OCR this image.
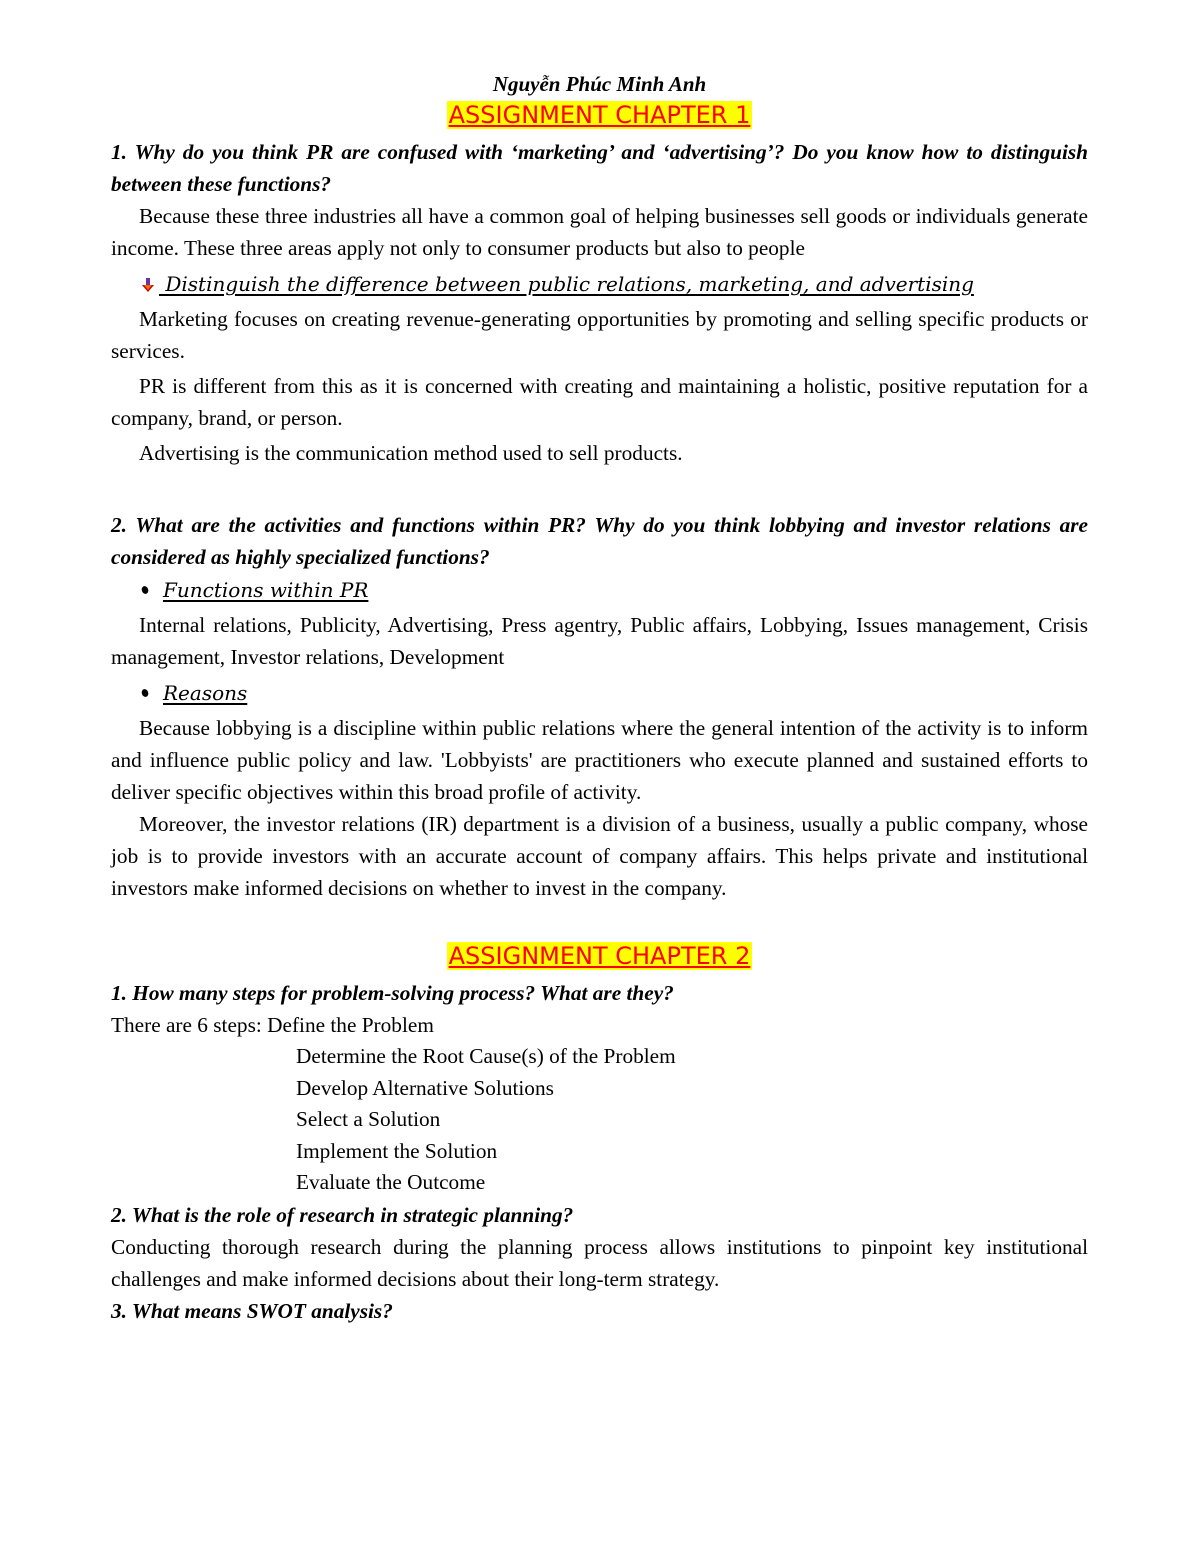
Nguyễn Phúc Minh Anh

ASSIGNMENT CHAPTER 1

1. Why do you think PR are confused with ‘marketing’ and ‘advertising’? Do you know how to distinguish between these functions?

Because these three industries all have a common goal of helping businesses sell goods or individuals generate income. These three areas apply not only to consumer products but also to people

Distinguish the difference between public relations, marketing, and advertising

Marketing focuses on creating revenue-generating opportunities by promoting and selling specific products or services.

PR is different from this as it is concerned with creating and maintaining a holistic, positive reputation for a company, brand, or person.

Advertising is the communication method used to sell products.

2. What are the activities and functions within PR? Why do you think lobbying and investor relations are considered as highly specialized functions?

Functions within PR

Internal relations, Publicity, Advertising, Press agentry, Public affairs, Lobbying, Issues management, Crisis management, Investor relations, Development

Reasons

Because lobbying is a discipline within public relations where the general intention of the activity is to inform and influence public policy and law. 'Lobbyists' are practitioners who execute planned and sustained efforts to deliver specific objectives within this broad profile of activity.

Moreover, the investor relations (IR) department is a division of a business, usually a public company, whose job is to provide investors with an accurate account of company affairs. This helps private and institutional investors make informed decisions on whether to invest in the company.

ASSIGNMENT CHAPTER 2

1. How many steps for problem-solving process? What are they?

There are 6 steps: Define the Problem

Determine the Root Cause(s) of the Problem
Develop Alternative Solutions
Select a Solution
Implement the Solution
Evaluate the Outcome

2. What is the role of research in strategic planning?

Conducting thorough research during the planning process allows institutions to pinpoint key institutional challenges and make informed decisions about their long-term strategy.

3. What means SWOT analysis?
